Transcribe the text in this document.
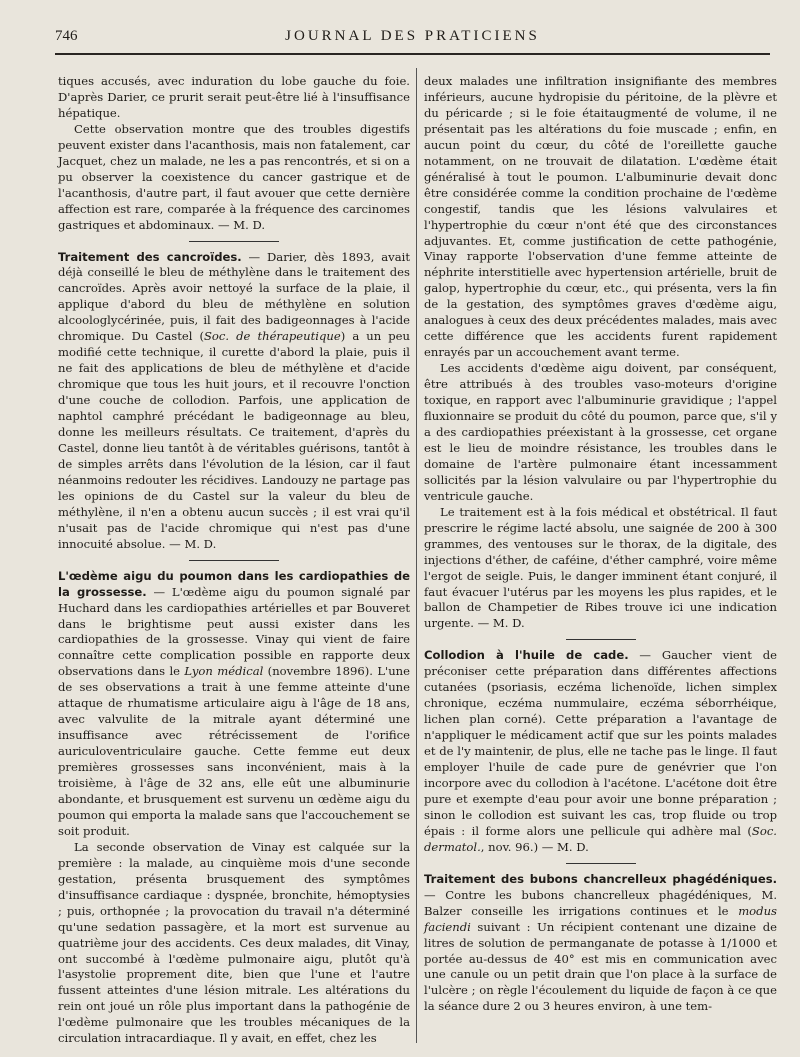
746	JOURNAL DES PRATICIENS

tiques accusés, avec induration du lobe gauche du foie. D'après Darier, ce prurit serait peut-être lié à l'insuffisance hépatique.

Cette observation montre que des troubles digestifs peuvent exister dans l'acanthosis, mais non fatalement, car Jacquet, chez un malade, ne les a pas rencontrés, et si on a pu observer la coexistence du cancer gastrique et de l'acanthosis, d'autre part, il faut avouer que cette dernière affection est rare, comparée à la fréquence des carcinomes gastriques et abdominaux. — M. D.

Traitement des cancroïdes. — Darier, dès 1893, avait déjà conseillé le bleu de méthylène dans le traitement des cancroïdes. Après avoir nettoyé la surface de la plaie, il applique d'abord du bleu de méthylène en solution alcoologlycérinée, puis, il fait des badigeonnages à l'acide chromique. Du Castel (Soc. de thérapeutique) a un peu modifié cette technique, il curette d'abord la plaie, puis il ne fait des applications de bleu de méthylène et d'acide chromique que tous les huit jours, et il recouvre l'onction d'une couche de collodion. Parfois, une application de naphtol camphré précédant le badigeonnage au bleu, donne les meilleurs résultats. Ce traitement, d'après du Castel, donne lieu tantôt à de véritables guérisons, tantôt à de simples arrêts dans l'évolution de la lésion, car il faut néanmoins redouter les récidives. Landouzy ne partage pas les opinions de du Castel sur la valeur du bleu de méthylène, il n'en a obtenu aucun succès ; il est vrai qu'il n'usait pas de l'acide chromique qui n'est pas d'une innocuité absolue. — M. D.

L'œdème aigu du poumon dans les cardiopathies de la grossesse. — L'œdème aigu du poumon signalé par Huchard dans les cardiopathies artérielles et par Bouveret dans le brightisme peut aussi exister dans les cardiopathies de la grossesse. Vinay qui vient de faire connaître cette complication possible en rapporte deux observations dans le Lyon médical (novembre 1896). L'une de ses observations a trait à une femme atteinte d'une attaque de rhumatisme articulaire aigu à l'âge de 18 ans, avec valvulite de la mitrale ayant déterminé une insuffisance avec rétrécissement de l'orifice auriculoventriculaire gauche. Cette femme eut deux premières grossesses sans inconvénient, mais à la troisième, à l'âge de 32 ans, elle eût une albuminurie abondante, et brusquement est survenu un œdème aigu du poumon qui emporta la malade sans que l'accouchement se soit produit.

La seconde observation de Vinay est calquée sur la première : la malade, au cinquième mois d'une seconde gestation, présenta brusquement des symptômes d'insuffisance cardiaque : dyspnée, bronchite, hémoptysies ; puis, orthopnée ; la provocation du travail n'a déterminé qu'une sedation passagère, et la mort est survenue au quatrième jour des accidents. Ces deux malades, dit Vinay, ont succombé à l'œdème pulmonaire aigu, plutôt qu'à l'asystolie proprement dite, bien que l'une et l'autre fussent atteintes d'une lésion mitrale. Les altérations du rein ont joué un rôle plus important dans la pathogénie de l'œdème pulmonaire que les troubles mécaniques de la circulation intracardiaque. Il y avait, en effet, chez les

deux malades une infiltration insignifiante des membres inférieurs, aucune hydropisie du péritoine, de la plèvre et du péricarde ; si le foie étaitaugmenté de volume, il ne présentait pas les altérations du foie muscade ; enfin, en aucun point du cœur, du côté de l'oreillette gauche notamment, on ne trouvait de dilatation. L'œdème était généralisé à tout le poumon. L'albuminurie devait donc être considérée comme la condition prochaine de l'œdème congestif, tandis que les lésions valvulaires et l'hypertrophie du cœur n'ont été que des circonstances adjuvantes. Et, comme justification de cette pathogénie, Vinay rapporte l'observation d'une femme atteinte de néphrite interstitielle avec hypertension artérielle, bruit de galop, hypertrophie du cœur, etc., qui présenta, vers la fin de la gestation, des symptômes graves d'œdème aigu, analogues à ceux des deux précédentes malades, mais avec cette différence que les accidents furent rapidement enrayés par un accouchement avant terme.

Les accidents d'œdème aigu doivent, par conséquent, être attribués à des troubles vaso-moteurs d'origine toxique, en rapport avec l'albuminurie gravidique ; l'appel fluxionnaire se produit du côté du poumon, parce que, s'il y a des cardiopathies préexistant à la grossesse, cet organe est le lieu de moindre résistance, les troubles dans le domaine de l'artère pulmonaire étant incessamment sollicités par la lésion valvulaire ou par l'hypertrophie du ventricule gauche.

Le traitement est à la fois médical et obstétrical. Il faut prescrire le régime lacté absolu, une saignée de 200 à 300 grammes, des ventouses sur le thorax, de la digitale, des injections d'éther, de caféine, d'éther camphré, voire même l'ergot de seigle. Puis, le danger imminent étant conjuré, il faut évacuer l'utérus par les moyens les plus rapides, et le ballon de Champetier de Ribes trouve ici une indication urgente. — M. D.

Collodion à l'huile de cade. — Gaucher vient de préconiser cette préparation dans différentes affections cutanées (psoriasis, eczéma lichenoïde, lichen simplex chronique, eczéma nummulaire, eczéma séborrhéique, lichen plan corné). Cette préparation a l'avantage de n'appliquer le médicament actif que sur les points malades et de l'y maintenir, de plus, elle ne tache pas le linge. Il faut employer l'huile de cade pure de genévrier que l'on incorpore avec du collodion à l'acétone. L'acétone doit être pure et exempte d'eau pour avoir une bonne préparation ; sinon le collodion est suivant les cas, trop fluide ou trop épais : il forme alors une pellicule qui adhère mal (Soc. dermatol., nov. 96.) — M. D.

Traitement des bubons chancrelleux phagédéniques. — Contre les bubons chancrelleux phagédéniques, M. Balzer conseille les irrigations continues et le modus faciendi suivant : Un récipient contenant une dizaine de litres de solution de permanganate de potasse à 1/1000 et portée au-dessus de 40° est mis en communication avec une canule ou un petit drain que l'on place à la surface de l'ulcère ; on règle l'écoulement du liquide de façon à ce que la séance dure 2 ou 3 heures environ, à une tem-
